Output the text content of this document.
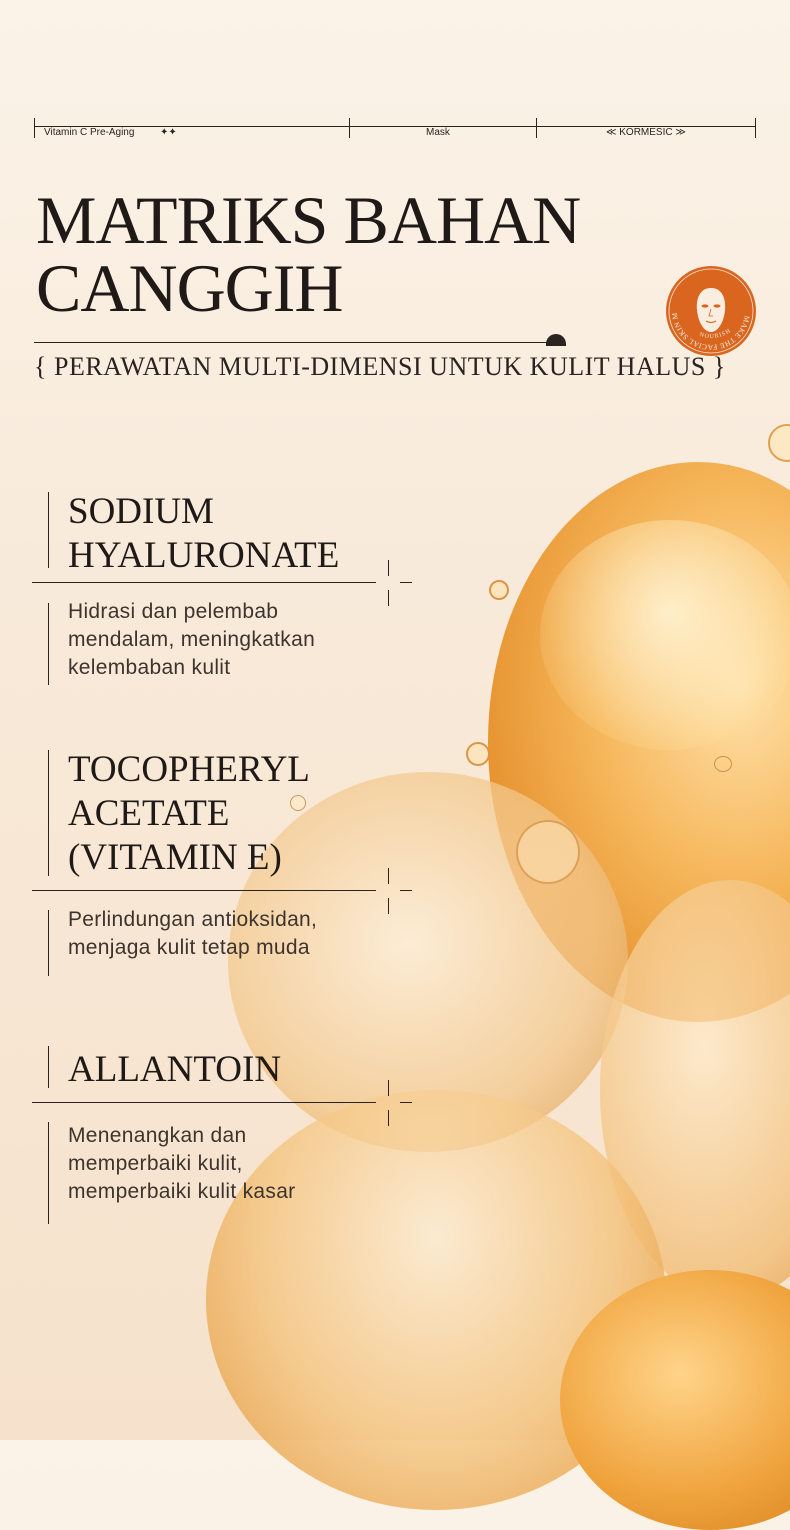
Vitamin C Pre-Aging	✦✦	Mask	≪ KORMESIC ≫
MATRIKS BAHAN
CANGGIH
{ PERAWATAN MULTI-DIMENSI UNTUK KULIT HALUS }
MAKE THE FACIAL SKIN M
NOURISH
SODIUM
HYALURONATE
Hidrasi dan pelembab
mendalam, meningkatkan
kelembaban kulit
TOCOPHERYL
ACETATE
(VITAMIN E)
Perlindungan antioksidan,
menjaga kulit tetap muda
ALLANTOIN
Menenangkan dan
memperbaiki kulit,
memperbaiki kulit kasar
